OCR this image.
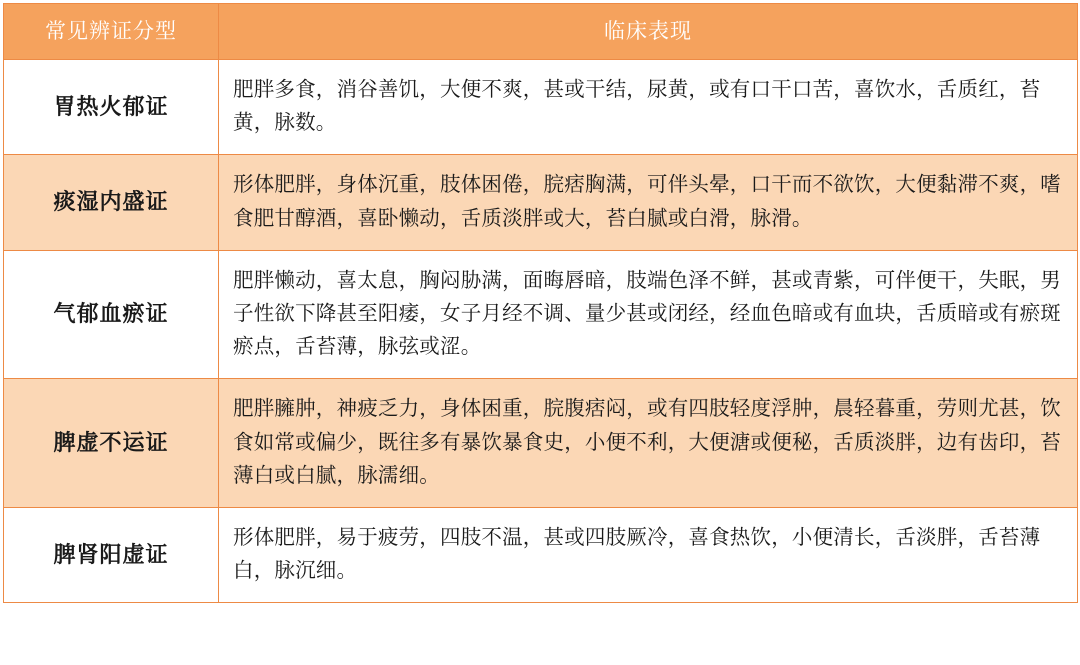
常见辨证分型	临床表现
胃热火郁证	肥胖多食，消谷善饥，大便不爽，甚或干结，尿黄，或有口干口苦，喜饮水，舌质红，苔黄，脉数。
痰湿内盛证	形体肥胖，身体沉重，肢体困倦，脘痞胸满，可伴头晕，口干而不欲饮，大便黏滞不爽，嗜食肥甘醇酒，喜卧懒动，舌质淡胖或大，苔白腻或白滑，脉滑。
气郁血瘀证	肥胖懒动，喜太息，胸闷胁满，面晦唇暗，肢端色泽不鲜，甚或青紫，可伴便干，失眠，男子性欲下降甚至阳痿，女子月经不调、量少甚或闭经，经血色暗或有血块，舌质暗或有瘀斑瘀点，舌苔薄，脉弦或涩。
脾虚不运证	肥胖臃肿，神疲乏力，身体困重，脘腹痞闷，或有四肢轻度浮肿，晨轻暮重，劳则尤甚，饮食如常或偏少，既往多有暴饮暴食史，小便不利，大便溏或便秘，舌质淡胖，边有齿印，苔薄白或白腻，脉濡细。
脾肾阳虚证	形体肥胖，易于疲劳，四肢不温，甚或四肢厥冷，喜食热饮，小便清长，舌淡胖，舌苔薄白，脉沉细。
